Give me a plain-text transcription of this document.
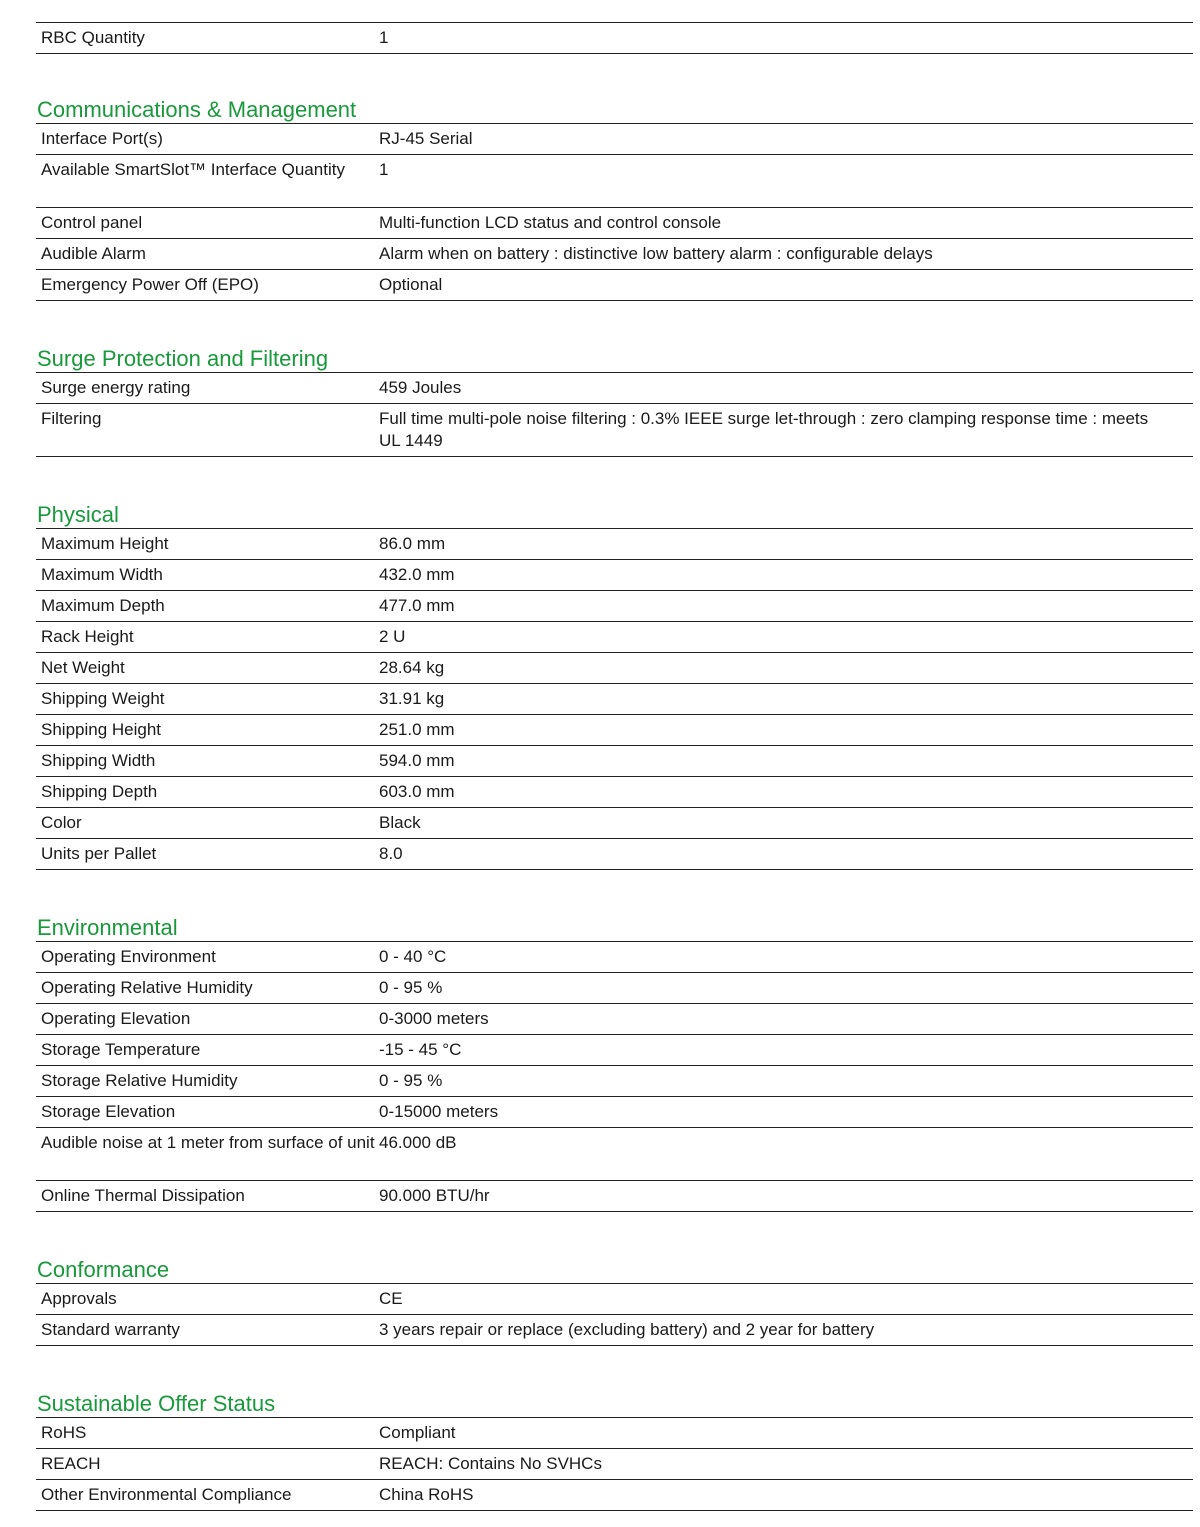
RBC Quantity	1
Communications & Management
Interface Port(s)	RJ-45 Serial
Available SmartSlot™ Interface Quantity	1
Control panel	Multi-function LCD status and control console
Audible Alarm	Alarm when on battery : distinctive low battery alarm : configurable delays
Emergency Power Off (EPO)	Optional
Surge Protection and Filtering
Surge energy rating	459 Joules
Filtering	Full time multi-pole noise filtering : 0.3% IEEE surge let-through : zero clamping response time : meets UL 1449
Physical
Maximum Height	86.0 mm
Maximum Width	432.0 mm
Maximum Depth	477.0 mm
Rack Height	2 U
Net Weight	28.64 kg
Shipping Weight	31.91 kg
Shipping Height	251.0 mm
Shipping Width	594.0 mm
Shipping Depth	603.0 mm
Color	Black
Units per Pallet	8.0
Environmental
Operating Environment	0 - 40 °C
Operating Relative Humidity	0 - 95 %
Operating Elevation	0-3000 meters
Storage Temperature	-15 - 45 °C
Storage Relative Humidity	0 - 95 %
Storage Elevation	0-15000 meters
Audible noise at 1 meter from surface of unit 46.000 dB
Online Thermal Dissipation	90.000 BTU/hr
Conformance
Approvals	CE
Standard warranty	3 years repair or replace (excluding battery) and 2 year for battery
Sustainable Offer Status
RoHS	Compliant
REACH	REACH: Contains No SVHCs
Other Environmental Compliance	China RoHS
